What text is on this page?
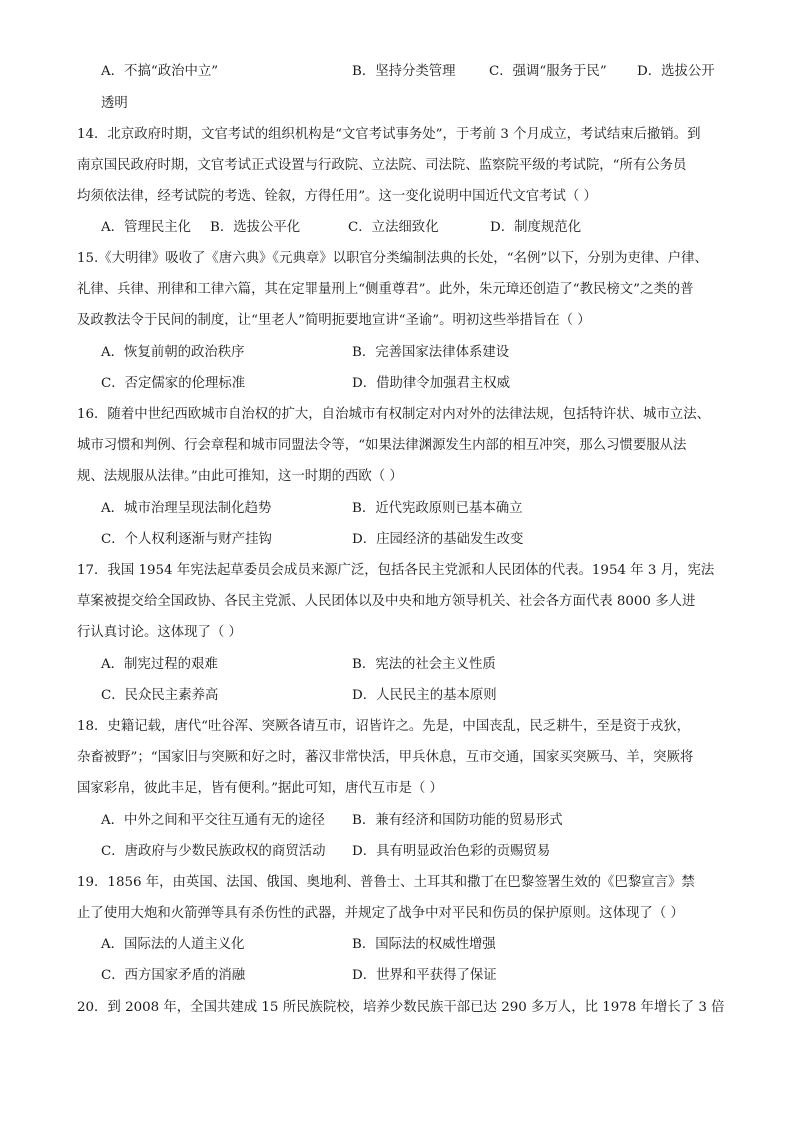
A．不搞“政治中立”	B．坚持分类管理 C．强调“服务于民” D．选拔公开
透明
14．北京政府时期，文官考试的组织机构是“文官考试事务处”，于考前 3 个月成立，考试结束后撤销。到
南京国民政府时期，文官考试正式设置与行政院、立法院、司法院、监察院平级的考试院，“所有公务员
均须依法律，经考试院的考选、铨叙，方得任用”。这一变化说明中国近代文官考试（ ）
A．管理民主化 B．选拔公平化	C．立法细致化	D．制度规范化
15.《大明律》吸收了《唐六典》《元典章》以职官分类编制法典的长处，“名例”以下，分别为吏律、户律、
礼律、兵律、刑律和工律六篇，其在定罪量刑上“侧重尊君”。此外，朱元璋还创造了“教民榜文”之类的普
及政教法令于民间的制度，让“里老人”简明扼要地宣讲“圣谕”。明初这些举措旨在（ ）
A．恢复前朝的政治秩序	B．完善国家法律体系建设
C．否定儒家的伦理标准	D．借助律令加强君主权威
16．随着中世纪西欧城市自治权的扩大，自治城市有权制定对内对外的法律法规，包括特许状、城市立法、
城市习惯和判例、行会章程和城市同盟法令等，“如果法律渊源发生内部的相互冲突，那么习惯要服从法
规、法规服从法律。”由此可推知，这一时期的西欧（ ）
A．城市治理呈现法制化趋势	B．近代宪政原则已基本确立
C．个人权利逐渐与财产挂钩	D．庄园经济的基础发生改变
17．我国 1954 年宪法起草委员会成员来源广泛，包括各民主党派和人民团体的代表。1954 年 3 月，宪法
草案被提交给全国政协、各民主党派、人民团体以及中央和地方领导机关、社会各方面代表 8000 多人进
行认真讨论。这体现了（ ）
A．制宪过程的艰难	B．宪法的社会主义性质
C．民众民主素养高	D．人民民主的基本原则
18．史籍记载，唐代“吐谷浑、突厥各请互市，诏皆许之。先是，中国丧乱，民乏耕牛，至是资于戎狄，
杂畜被野”；“国家旧与突厥和好之时，蕃汉非常快活，甲兵休息，互市交通，国家买突厥马、羊，突厥将
国家彩帛，彼此丰足，皆有便利。”据此可知，唐代互市是（ ）
A．中外之间和平交往互通有无的途径 B．兼有经济和国防功能的贸易形式
C．唐政府与少数民族政权的商贸活动 D．具有明显政治色彩的贡赐贸易
19．1856 年，由英国、法国、俄国、奥地利、普鲁士、土耳其和撒丁在巴黎签署生效的《巴黎宣言》禁
止了使用大炮和火箭弹等具有杀伤性的武器，并规定了战争中对平民和伤员的保护原则。这体现了（ ）
A．国际法的人道主义化	B．国际法的权威性增强
C．西方国家矛盾的消融	D．世界和平获得了保证
20．到 2008 年，全国共建成 15 所民族院校，培养少数民族干部已达 290 多万人，比 1978 年增长了 3 倍
